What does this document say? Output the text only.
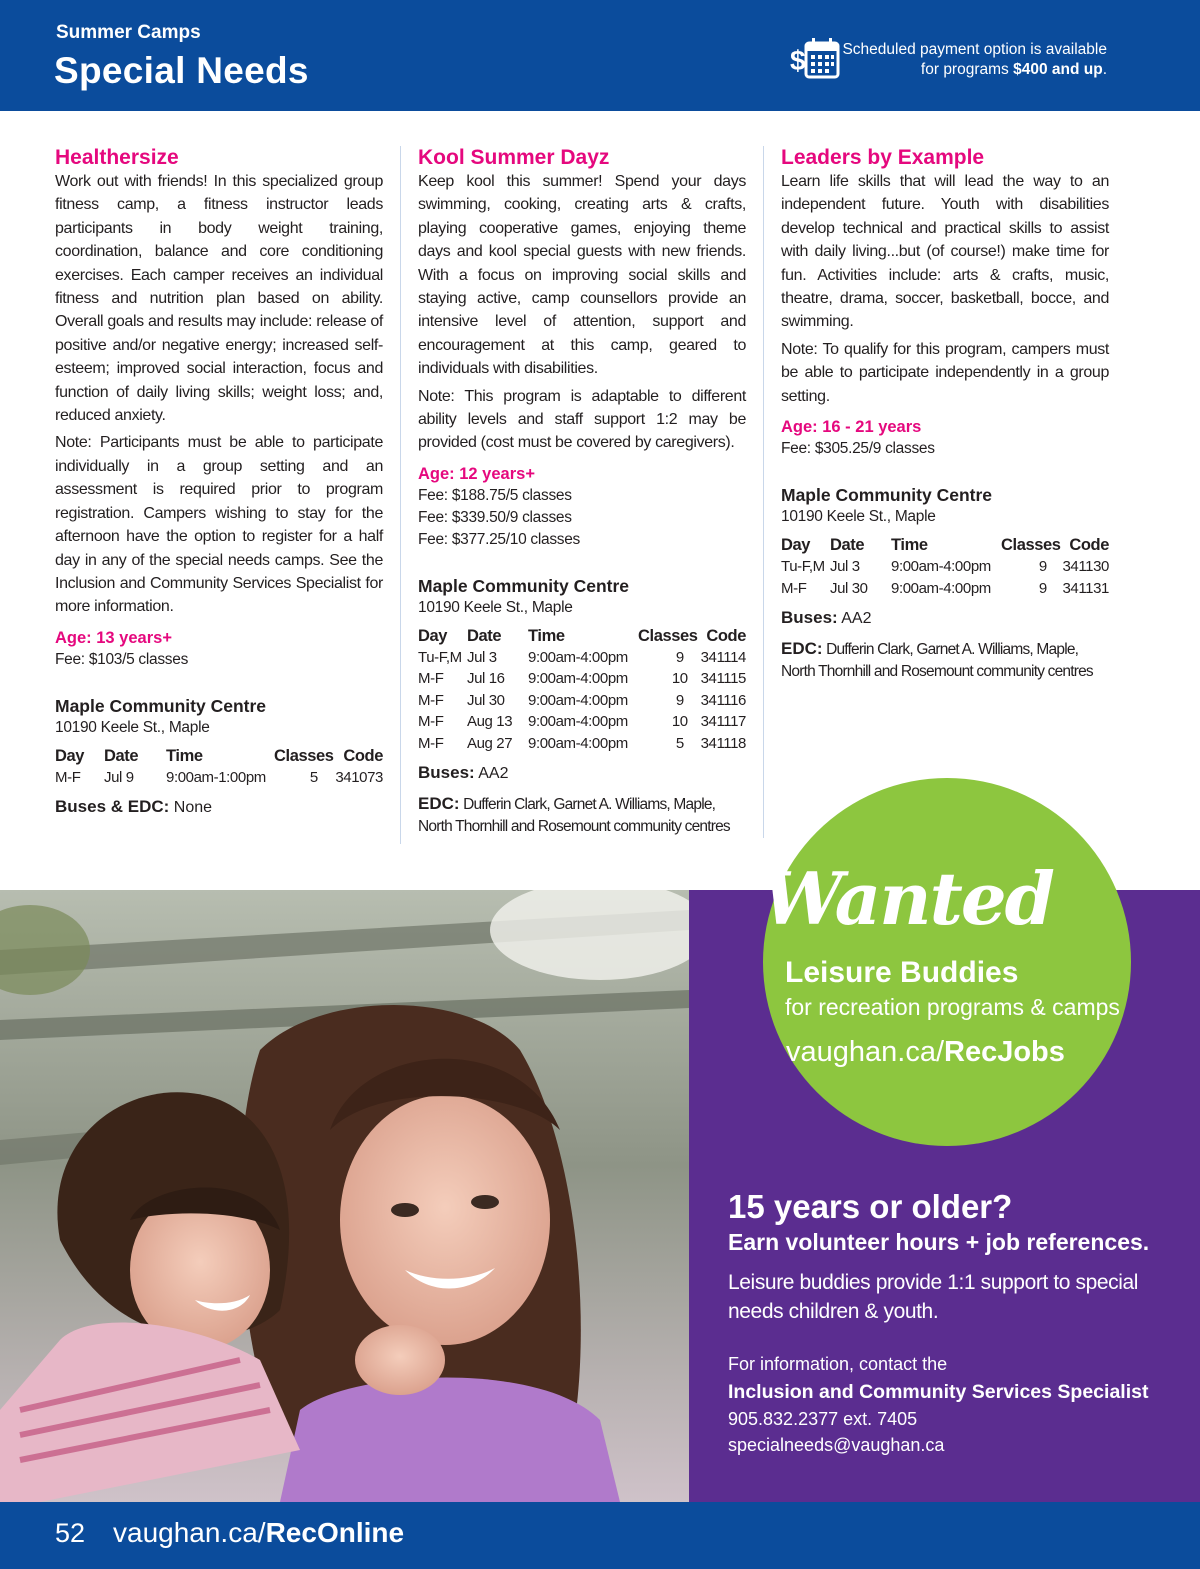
Summer Camps
Special Needs	$ Scheduled payment option is available
for programs $400 and up.
Healthersize
Work out with friends! In this specialized group fitness camp, a fitness instructor leads participants in body weight training, coordination, balance and core conditioning exercises. Each camper receives an individual fitness and nutrition plan based on ability. Overall goals and results may include: release of positive and/or negative energy; increased self-esteem; improved social interaction, focus and function of daily living skills; weight loss; and, reduced anxiety.
Note: Participants must be able to participate individually in a group setting and an assessment is required prior to program registration. Campers wishing to stay for the afternoon have the option to register for a half day in any of the special needs camps. See the Inclusion and Community Services Specialist for more information.
Age: 13 years+
Fee: $103/5 classes
Maple Community Centre
10190 Keele St., Maple
Day	Date	Time	Classes	Code
M-F	Jul 9	9:00am-1:00pm	5	341073
Buses & EDC: None
Kool Summer Dayz
Keep kool this summer! Spend your days swimming, cooking, creating arts & crafts, playing cooperative games, enjoying theme days and kool special guests with new friends. With a focus on improving social skills and staying active, camp counsellors provide an intensive level of attention, support and encouragement at this camp, geared to individuals with disabilities.
Note: This program is adaptable to different ability levels and staff support 1:2 may be provided (cost must be covered by caregivers).
Age: 12 years+
Fee: $188.75/5 classes
Fee: $339.50/9 classes
Fee: $377.25/10 classes
Maple Community Centre
10190 Keele St., Maple
Day	Date	Time	Classes	Code
Tu-F,M	Jul 3	9:00am-4:00pm	9	341114
M-F	Jul 16	9:00am-4:00pm	10	341115
M-F	Jul 30	9:00am-4:00pm	9	341116
M-F	Aug 13	9:00am-4:00pm	10	341117
M-F	Aug 27	9:00am-4:00pm	5	341118
Buses: AA2
EDC: Dufferin Clark, Garnet A. Williams, Maple, North Thornhill and Rosemount community centres
Leaders by Example
Learn life skills that will lead the way to an independent future. Youth with disabilities develop technical and practical skills to assist with daily living...but (of course!) make time for fun. Activities include: arts & crafts, music, theatre, drama, soccer, basketball, bocce, and swimming.
Note: To qualify for this program, campers must be able to participate independently in a group setting.
Age: 16 - 21 years
Fee: $305.25/9 classes
Maple Community Centre
10190 Keele St., Maple
Day	Date	Time	Classes	Code
Tu-F,M	Jul 3	9:00am-4:00pm	9	341130
M-F	Jul 30	9:00am-4:00pm	9	341131
Buses: AA2
EDC: Dufferin Clark, Garnet A. Williams, Maple, North Thornhill and Rosemount community centres
Wanted
Leisure Buddies
for recreation programs & camps
vaughan.ca/RecJobs
15 years or older?
Earn volunteer hours + job references.
Leisure buddies provide 1:1 support to special needs children & youth.
For information, contact the
Inclusion and Community Services Specialist
905.832.2377 ext. 7405
specialneeds@vaughan.ca
52 vaughan.ca/RecOnline
